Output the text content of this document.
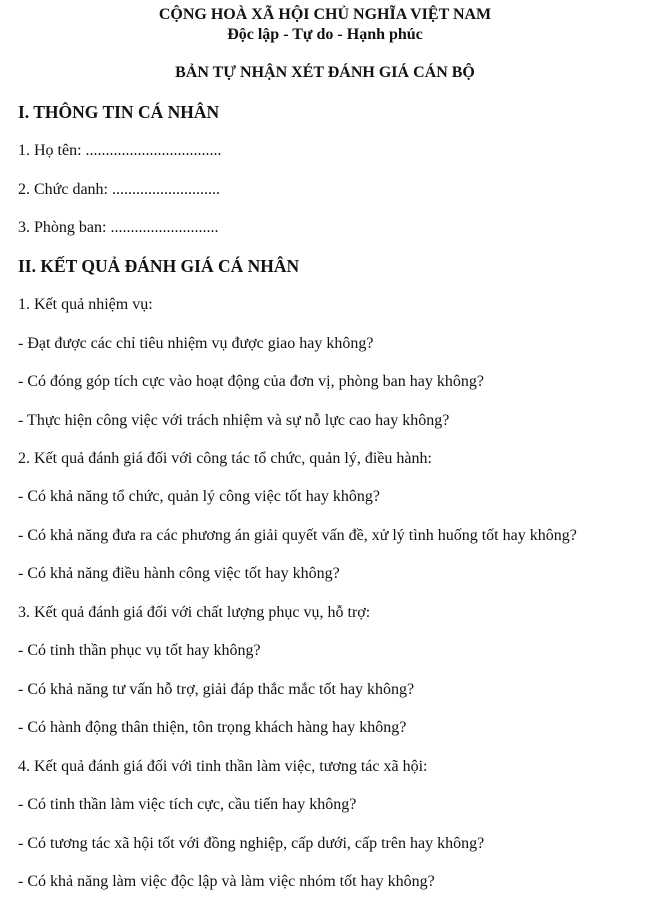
CỘNG HOÀ XÃ HỘI CHỦ NGHĨA VIỆT NAM

Độc lập - Tự do - Hạnh phúc

BẢN TỰ NHẬN XÉT ĐÁNH GIÁ CÁN BỘ

I. THÔNG TIN CÁ NHÂN

1. Họ tên: ..................................

2. Chức danh: ...........................

3. Phòng ban: ...........................

II. KẾT QUẢ ĐÁNH GIÁ CÁ NHÂN

1. Kết quả nhiệm vụ:

- Đạt được các chỉ tiêu nhiệm vụ được giao hay không?

- Có đóng góp tích cực vào hoạt động của đơn vị, phòng ban hay không?

- Thực hiện công việc với trách nhiệm và sự nỗ lực cao hay không?

2. Kết quả đánh giá đối với công tác tổ chức, quản lý, điều hành:

- Có khả năng tổ chức, quản lý công việc tốt hay không?

- Có khả năng đưa ra các phương án giải quyết vấn đề, xử lý tình huống tốt hay không?

- Có khả năng điều hành công việc tốt hay không?

3. Kết quả đánh giá đối với chất lượng phục vụ, hỗ trợ:

- Có tinh thần phục vụ tốt hay không?

- Có khả năng tư vấn hỗ trợ, giải đáp thắc mắc tốt hay không?

- Có hành động thân thiện, tôn trọng khách hàng hay không?

4. Kết quả đánh giá đối với tinh thần làm việc, tương tác xã hội:

- Có tinh thần làm việc tích cực, cầu tiến hay không?

- Có tương tác xã hội tốt với đồng nghiệp, cấp dưới, cấp trên hay không?

- Có khả năng làm việc độc lập và làm việc nhóm tốt hay không?
